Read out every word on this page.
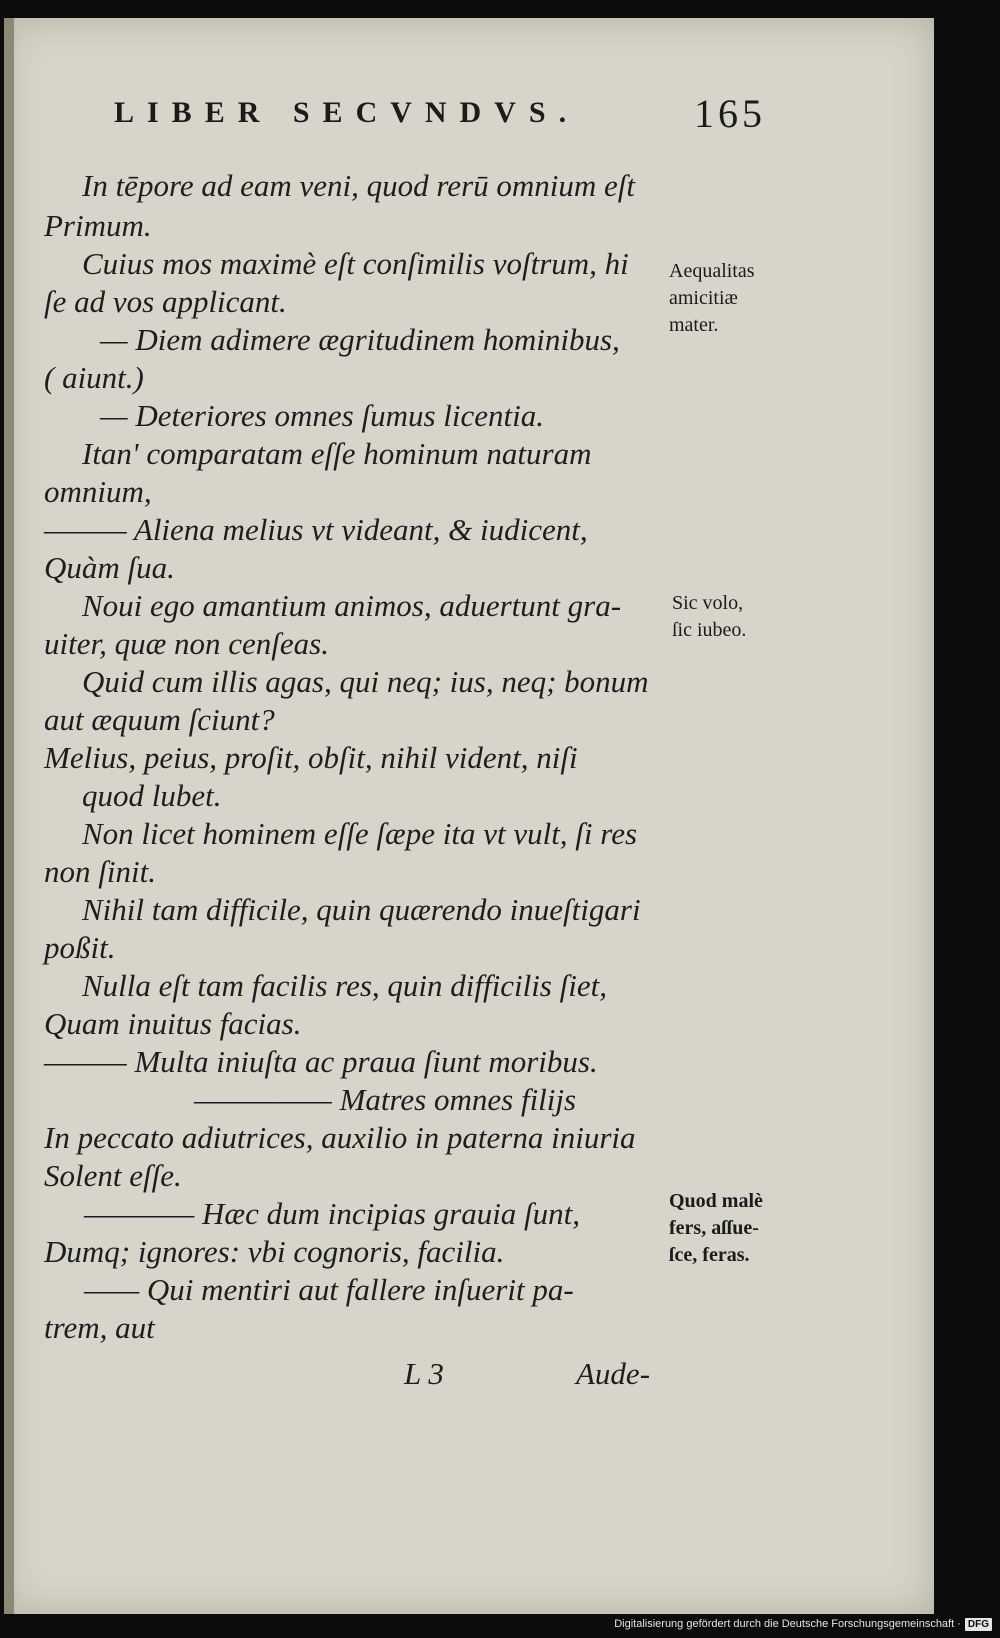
LIBER SECVNDVS.	165
In tēpore ad eam veni, quod rerū omnium eſt
Primum.
Cuius mos maximè eſt conſimilis voſtrum, hi
ſe ad vos applicant.
— Diem adimere ægritudinem hominibus,
( aiunt.)
— Deteriores omnes ſumus licentia.
Itan' comparatam eſſe hominum naturam
omnium,
——— Aliena melius vt videant, & iudicent,
Quàm ſua.
Noui ego amantium animos, aduertunt gra-
uiter, quæ non cenſeas.
Quid cum illis agas, qui neq; ius, neq; bonum
aut æquum ſciunt?
Melius, peius, proſit, obſit, nihil vident, niſi
quod lubet.
Non licet hominem eſſe ſæpe ita vt vult, ſi res
non ſinit.
Nihil tam difficile, quin quærendo inueſtigari
poßit.
Nulla eſt tam facilis res, quin difficilis ſiet,
Quam inuitus facias.
——— Multa iniuſta ac praua ſiunt moribus.
————— Matres omnes filijs
In peccato adiutrices, auxilio in paterna iniuria
Solent eſſe.
———— Hæc dum incipias grauia ſunt,
Dumq; ignores: vbi cognoris, facilia.
—— Qui mentiri aut fallere inſuerit pa-
trem, aut
Aequalitas
amicitiæ
mater.
Sic volo,
ſic iubeo.
Quod malè
fers, aſſue-
ſce, feras.
L 3	Aude-
Digitalisierung gefördert durch die Deutsche Forschungsgemeinschaft · DFG
